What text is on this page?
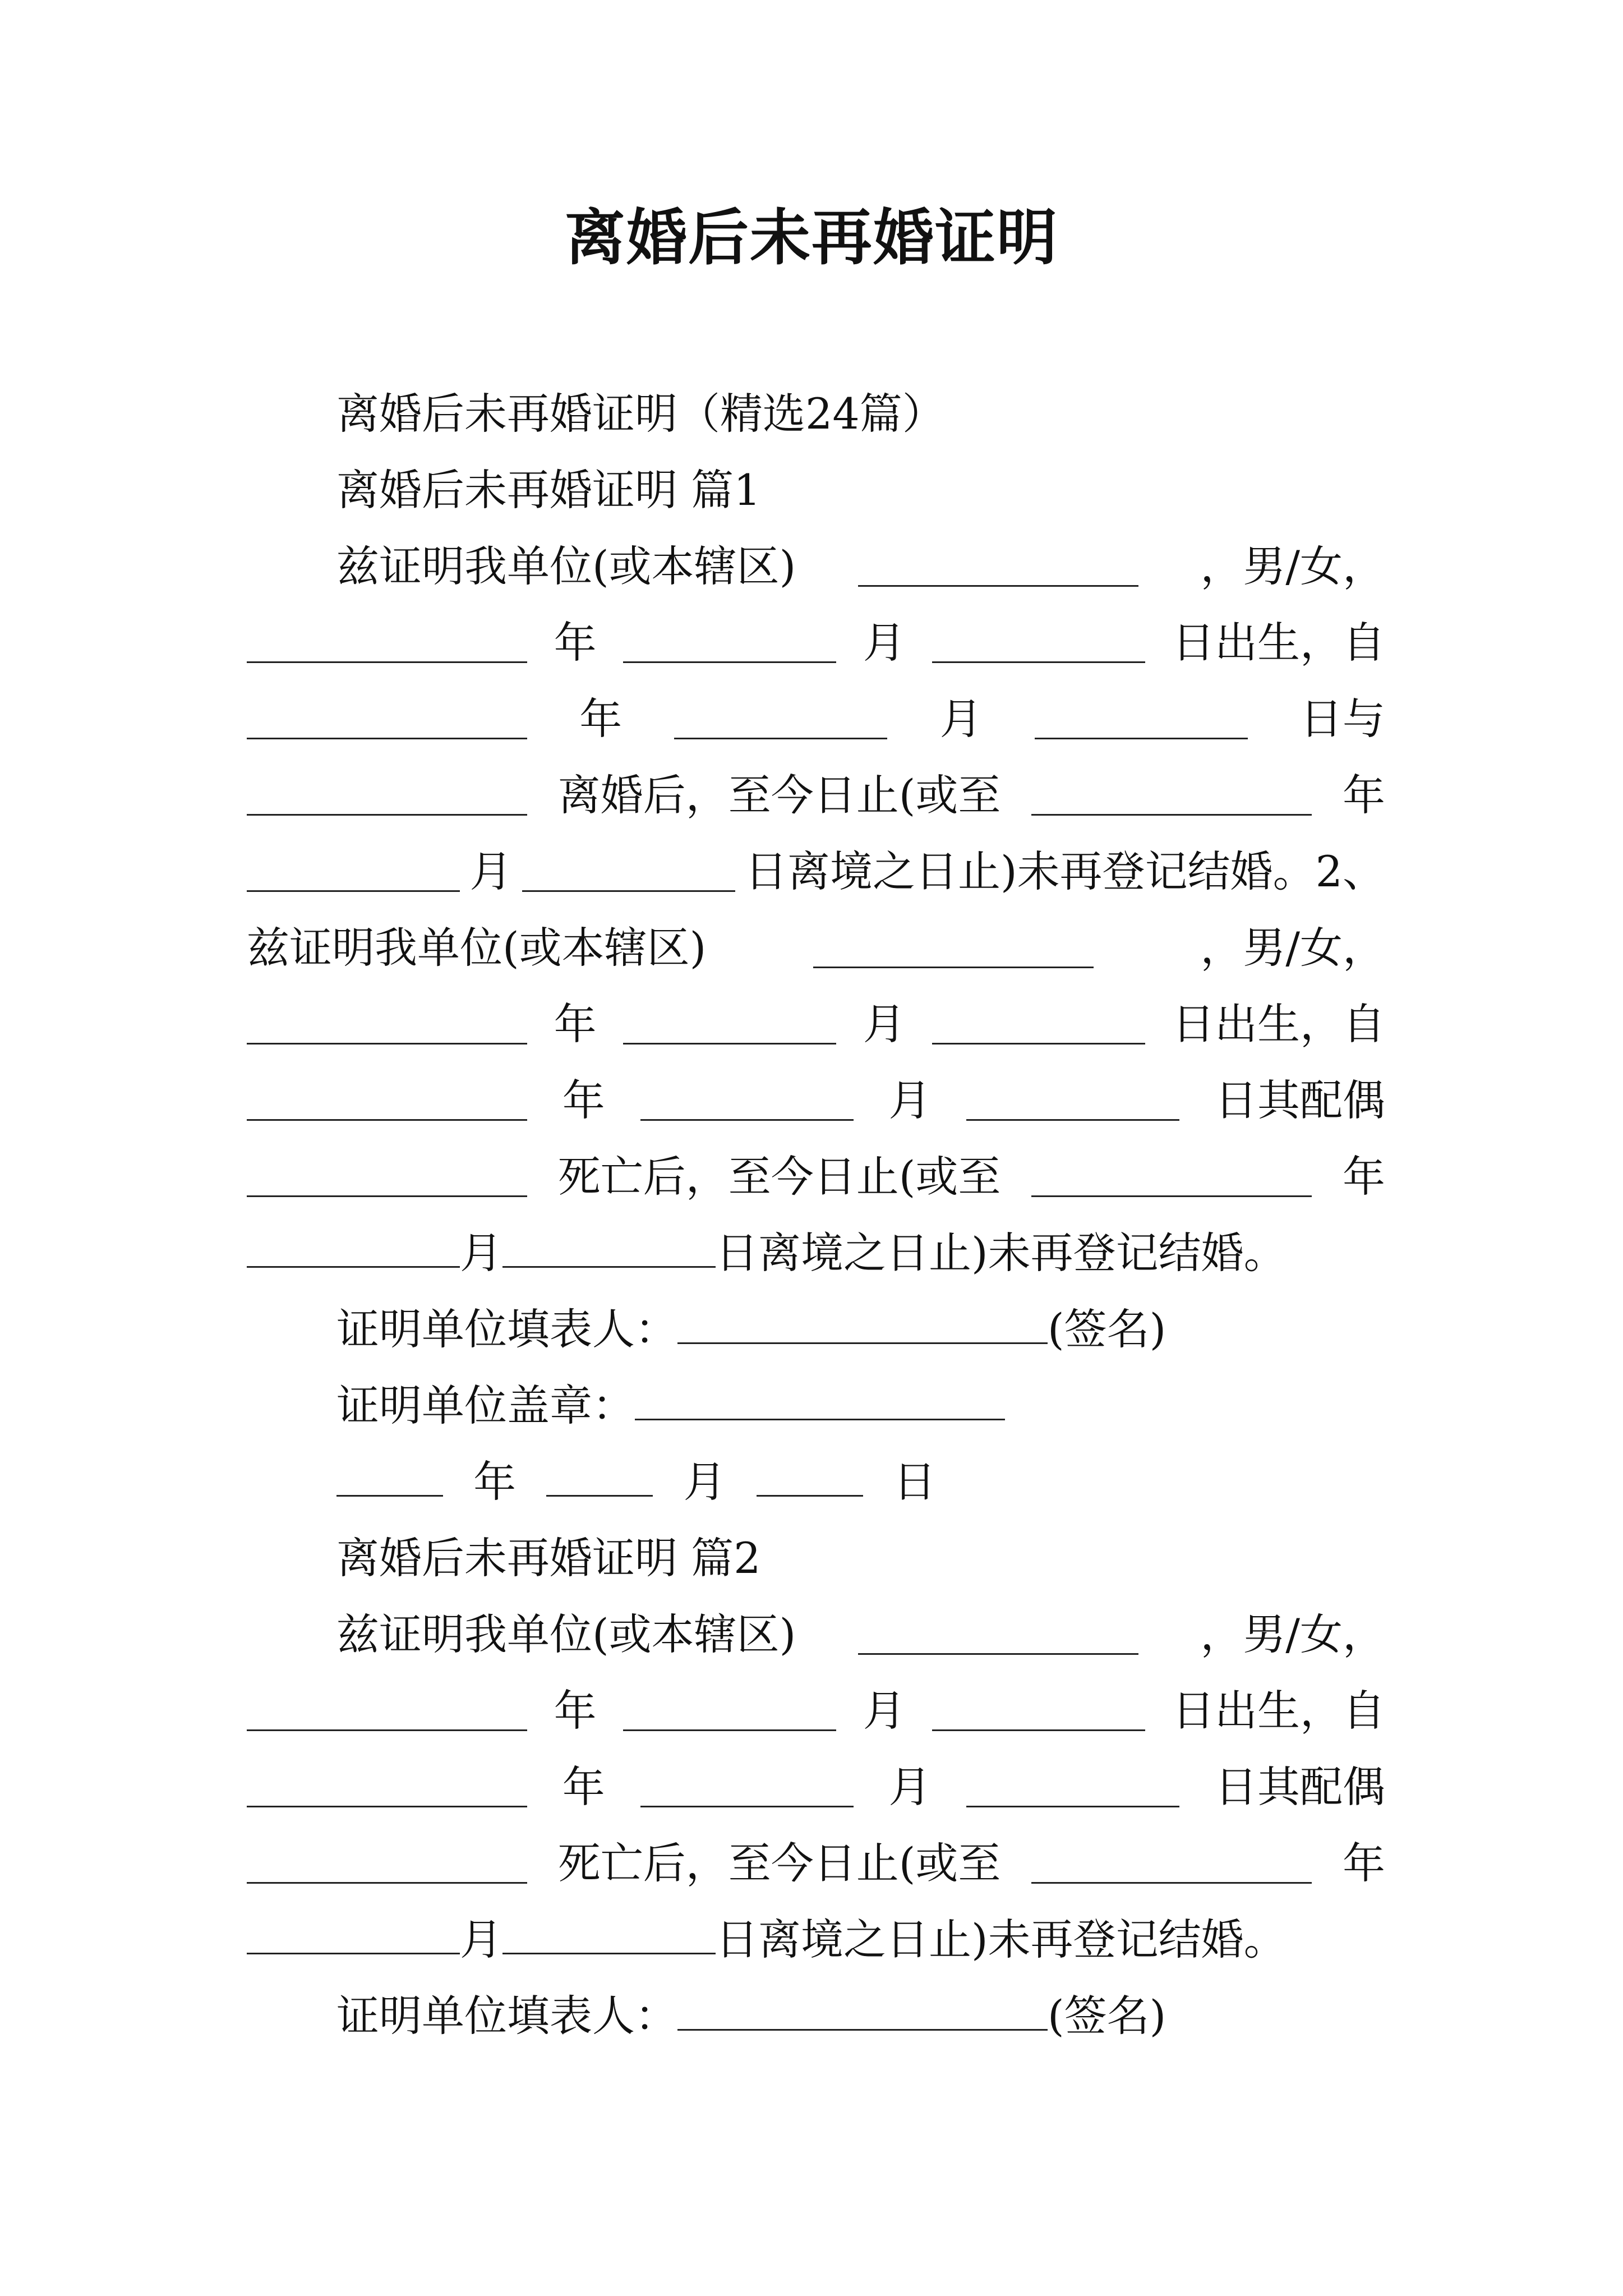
离婚后未再婚证明
离婚后未再婚证明（精选24篇）
离婚后未再婚证明 篇1
兹证明我单位(或本辖区)	，男/女，
年	月	日出生，自
年	月	日与
离婚后，至今日止(或至	年
月	日离境之日止)未再登记结婚。2、
兹证明我单位(或本辖区)	，男/女，
年	月	日出生，自
年	月	日其配偶
死亡后，至今日止(或至	年
月	日离境之日止)未再登记结婚。
证明单位填表人：	(签名)
证明单位盖章：
年	月	日
离婚后未再婚证明 篇2
兹证明我单位(或本辖区)	，男/女，
年	月	日出生，自
年	月	日其配偶
死亡后，至今日止(或至	年
月	日离境之日止)未再登记结婚。
证明单位填表人：	(签名)
